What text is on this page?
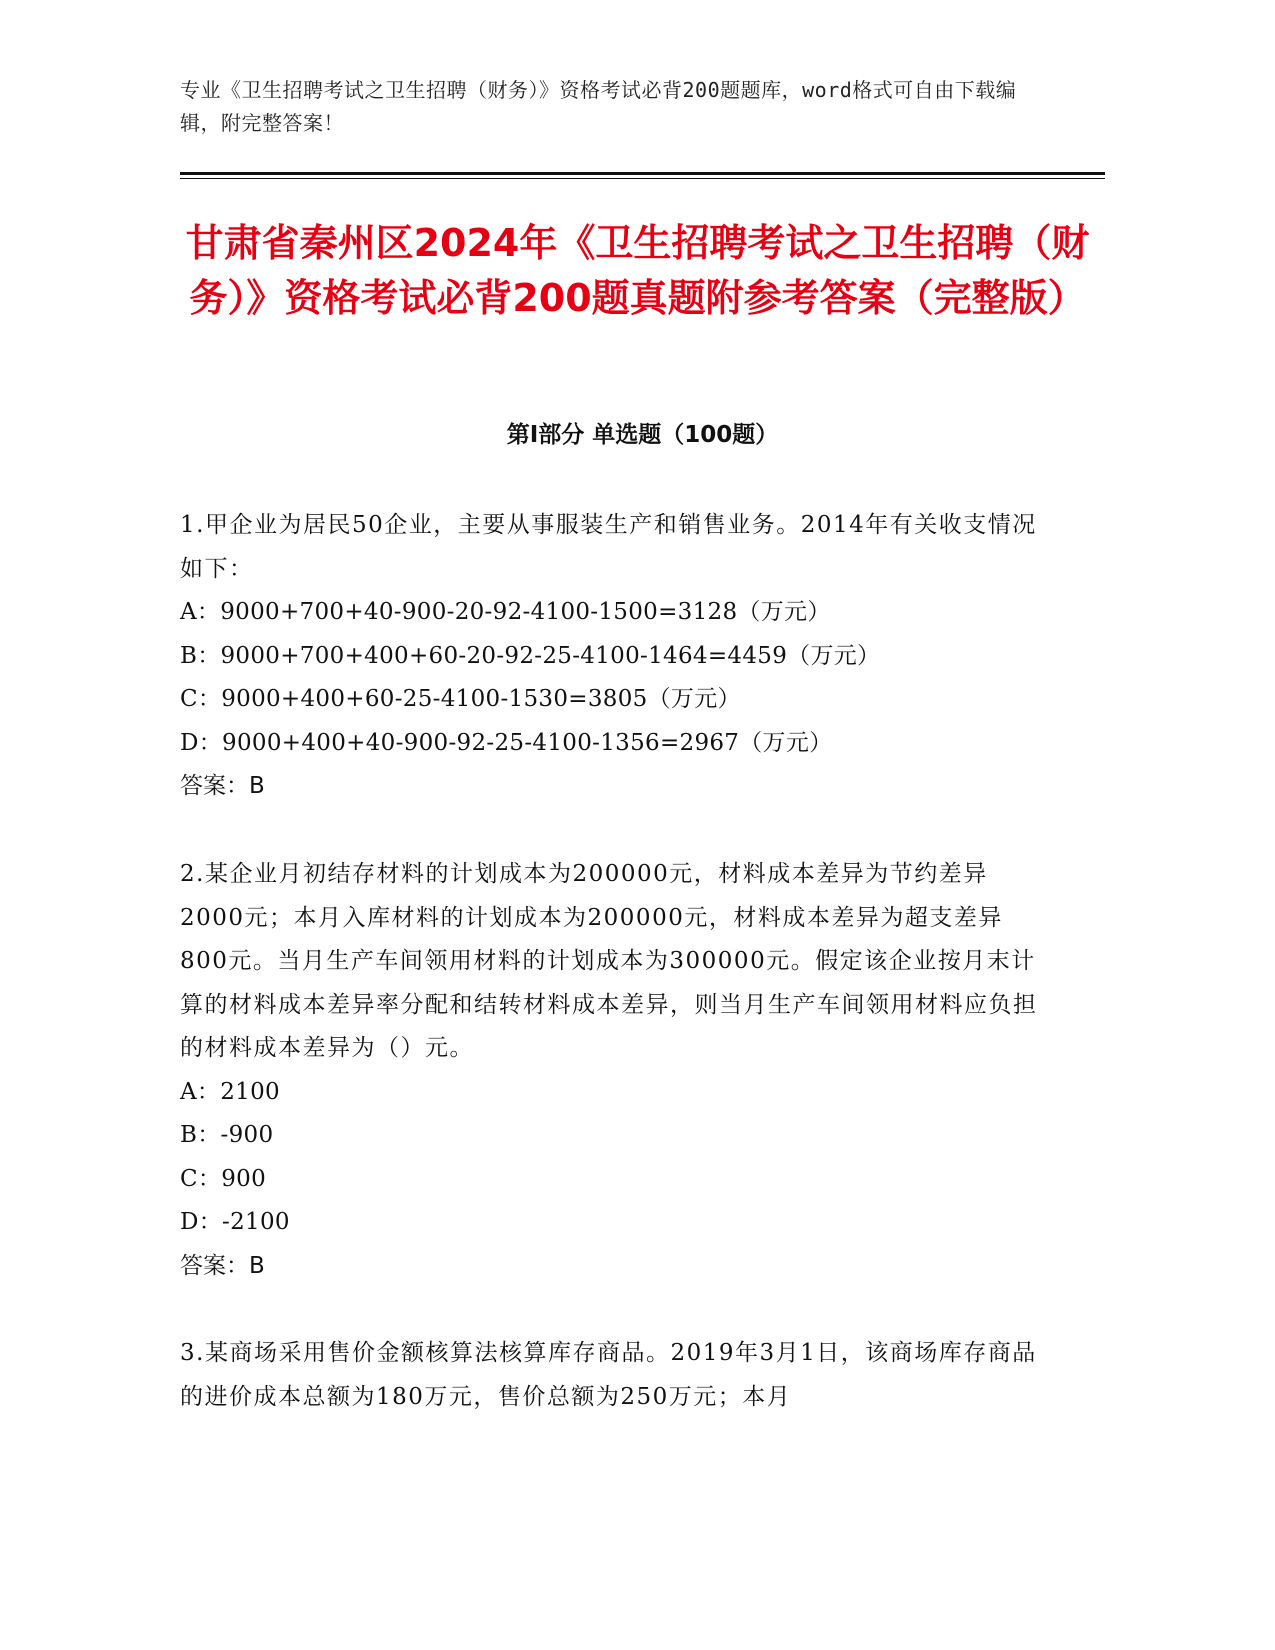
专业《卫生招聘考试之卫生招聘（财务）》资格考试必背200题题库，word格式可自由下载编辑，附完整答案！
甘肃省秦州区2024年《卫生招聘考试之卫生招聘（财务）》资格考试必背200题真题附参考答案（完整版）
第I部分 单选题（100题）
1.甲企业为居民50企业，主要从事服装生产和销售业务。2014年有关收支情况如下：
A：9000+700+40-900-20-92-4100-1500=3128（万元）
B：9000+700+400+60-20-92-25-4100-1464=4459（万元）
C：9000+400+60-25-4100-1530=3805（万元）
D：9000+400+40-900-92-25-4100-1356=2967（万元）
答案：B
2.某企业月初结存材料的计划成本为200000元，材料成本差异为节约差异2000元；本月入库材料的计划成本为200000元，材料成本差异为超支差异800元。当月生产车间领用材料的计划成本为300000元。假定该企业按月末计算的材料成本差异率分配和结转材料成本差异，则当月生产车间领用材料应负担的材料成本差异为（）元。
A：2100
B：-900
C：900
D：-2100
答案：B
3.某商场采用售价金额核算法核算库存商品。2019年3月1日，该商场库存商品的进价成本总额为180万元，售价总额为250万元；本月
